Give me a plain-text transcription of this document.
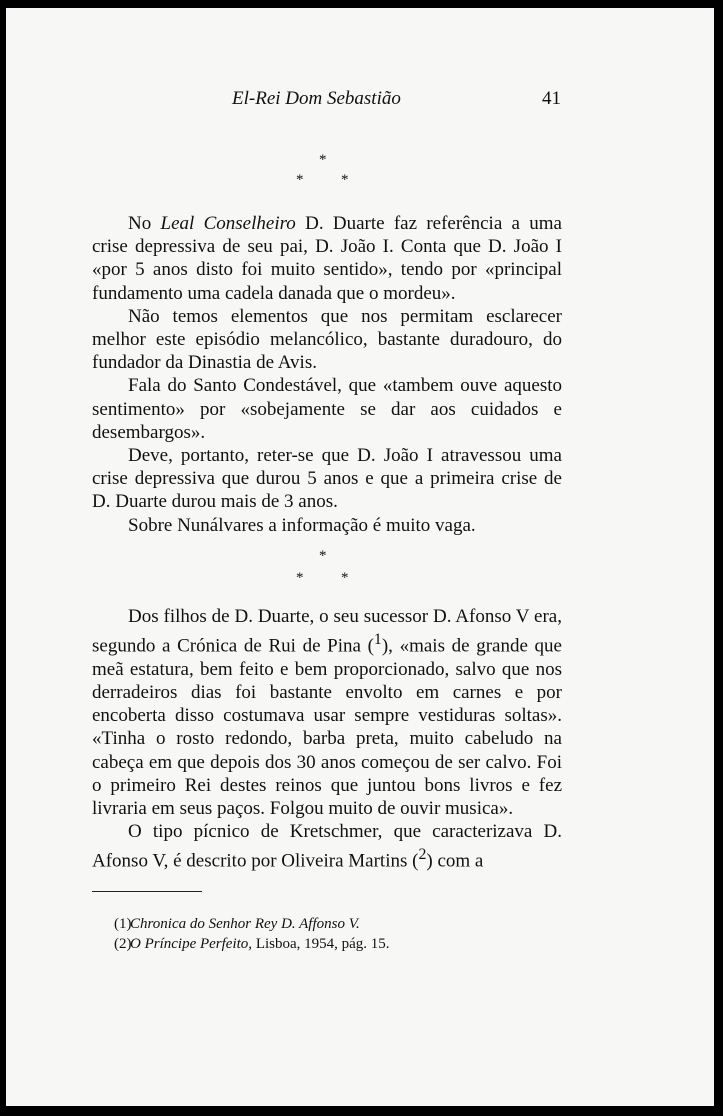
El-Rei Dom Sebastião	41
*
*	*

No Leal Conselheiro D. Duarte faz referência a uma crise depressiva de seu pai, D. João I. Conta que D. João I «por 5 anos disto foi muito sentido», tendo por «principal fundamento uma cadela danada que o mordeu».

Não temos elementos que nos permitam esclarecer melhor este episódio melancólico, bastante duradouro, do fundador da Dinastia de Avis.

Fala do Santo Condestável, que «tambem ouve aquesto sentimento» por «sobejamente se dar aos cuidados e desembargos».

Deve, portanto, reter-se que D. João I atravessou uma crise depressiva que durou 5 anos e que a primeira crise de D. Duarte durou mais de 3 anos.

Sobre Nunálvares a informação é muito vaga.

*
*	*

Dos filhos de D. Duarte, o seu sucessor D. Afonso V era, segundo a Crónica de Rui de Pina ($^1$), «mais de grande que meã estatura, bem feito e bem proporcionado, salvo que nos derradeiros dias foi bastante envolto em carnes e por encoberta disso costumava usar sempre vestiduras soltas». «Tinha o rosto redondo, barba preta, muito cabeludo na cabeça em que depois dos 30 anos começou de ser calvo. Foi o primeiro Rei destes reinos que juntou bons livros e fez livraria em seus paços. Folgou muito de ouvir musica».

O tipo pícnico de Kretschmer, que caracterizava D. Afonso V, é descrito por Oliveira Martins ($^2$) com a

(1)
Chronica do Senhor Rey D. Affonso V.
(2)
O Príncipe Perfeito, Lisboa, 1954, pág. 15.
